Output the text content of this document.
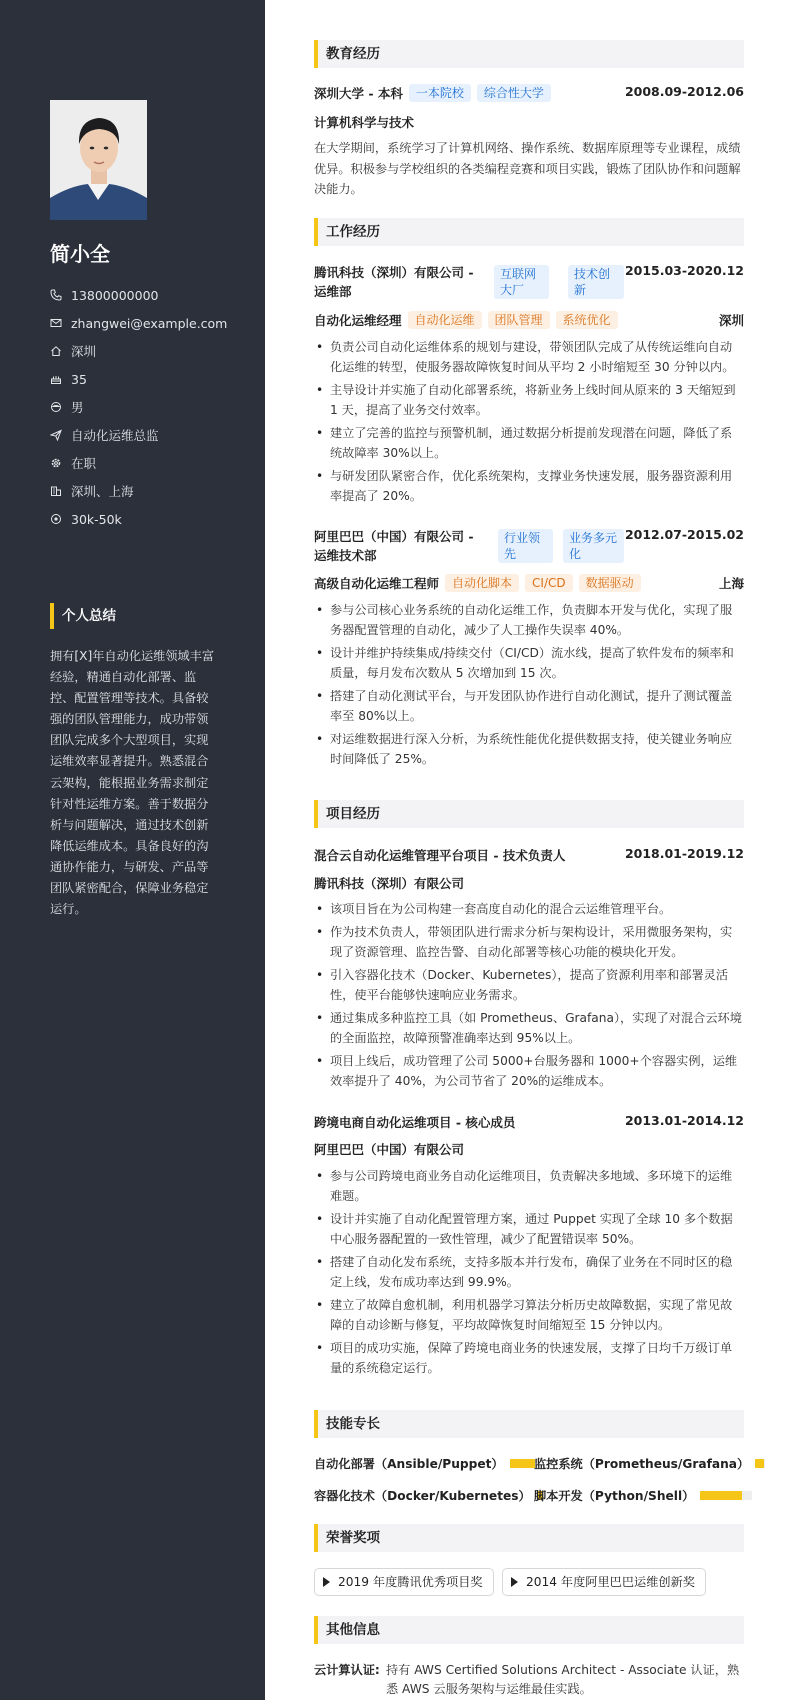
简小全
13800000000
zhangwei@example.com
深圳
35
男
自动化运维总监
在职
深圳、上海
30k-50k
个人总结
拥有[X]年自动化运维领域丰富经验，精通自动化部署、监控、配置管理等技术。具备较强的团队管理能力，成功带领团队完成多个大型项目，实现运维效率显著提升。熟悉混合云架构，能根据业务需求制定针对性运维方案。善于数据分析与问题解决，通过技术创新降低运维成本。具备良好的沟通协作能力，与研发、产品等团队紧密配合，保障业务稳定运行。
教育经历
深圳大学 - 本科	一本院校	综合性大学	2008.09-2012.06
计算机科学与技术
在大学期间，系统学习了计算机网络、操作系统、数据库原理等专业课程，成绩优异。积极参与学校组织的各类编程竞赛和项目实践，锻炼了团队协作和问题解决能力。
工作经历
腾讯科技（深圳）有限公司 - 运维部
互联网大厂
技术创新
2015.03-2020.12
自动化运维经理	自动化运维	团队管理	系统优化	深圳
• 负责公司自动化运维体系的规划与建设，带领团队完成了从传统运维向自动化运维的转型，使服务器故障恢复时间从平均 2 小时缩短至 30 分钟以内。
• 主导设计并实施了自动化部署系统，将新业务上线时间从原来的 3 天缩短到 1 天，提高了业务交付效率。
• 建立了完善的监控与预警机制，通过数据分析提前发现潜在问题，降低了系统故障率 30%以上。
• 与研发团队紧密合作，优化系统架构，支撑业务快速发展，服务器资源利用率提高了 20%。
阿里巴巴（中国）有限公司 - 运维技术部
行业领先
业务多元化
2012.07-2015.02
高级自动化运维工程师	自动化脚本	CI/CD	数据驱动	上海
• 参与公司核心业务系统的自动化运维工作，负责脚本开发与优化，实现了服务器配置管理的自动化，减少了人工操作失误率 40%。
• 设计并维护持续集成/持续交付（CI/CD）流水线，提高了软件发布的频率和质量，每月发布次数从 5 次增加到 15 次。
• 搭建了自动化测试平台，与开发团队协作进行自动化测试，提升了测试覆盖率至 80%以上。
• 对运维数据进行深入分析，为系统性能优化提供数据支持，使关键业务响应时间降低了 25%。
项目经历
混合云自动化运维管理平台项目 - 技术负责人	2018.01-2019.12
腾讯科技（深圳）有限公司
• 该项目旨在为公司构建一套高度自动化的混合云运维管理平台。
• 作为技术负责人，带领团队进行需求分析与架构设计，采用微服务架构，实现了资源管理、监控告警、自动化部署等核心功能的模块化开发。
• 引入容器化技术（Docker、Kubernetes），提高了资源利用率和部署灵活性，使平台能够快速响应业务需求。
• 通过集成多种监控工具（如 Prometheus、Grafana），实现了对混合云环境的全面监控，故障预警准确率达到 95%以上。
• 项目上线后，成功管理了公司 5000+台服务器和 1000+个容器实例，运维效率提升了 40%，为公司节省了 20%的运维成本。
跨境电商自动化运维项目 - 核心成员	2013.01-2014.12
阿里巴巴（中国）有限公司
• 参与公司跨境电商业务自动化运维项目，负责解决多地域、多环境下的运维难题。
• 设计并实施了自动化配置管理方案，通过 Puppet 实现了全球 10 多个数据中心服务器配置的一致性管理，减少了配置错误率 50%。
• 搭建了自动化发布系统，支持多版本并行发布，确保了业务在不同时区的稳定上线，发布成功率达到 99.9%。
• 建立了故障自愈机制，利用机器学习算法分析历史故障数据，实现了常见故障的自动诊断与修复，平均故障恢复时间缩短至 15 分钟以内。
• 项目的成功实施，保障了跨境电商业务的快速发展，支撑了日均千万级订单量的系统稳定运行。
技能专长
自动化部署（Ansible/Puppet） 监控系统（Prometheus/Grafana）
容器化技术（Docker/Kubernetes） 脚本开发（Python/Shell）
荣誉奖项
2019 年度腾讯优秀项目奖	2014 年度阿里巴巴运维创新奖
其他信息
云计算认证: 持有 AWS Certified Solutions Architect - Associate 认证，熟悉 AWS 云服务架构与运维最佳实践。
